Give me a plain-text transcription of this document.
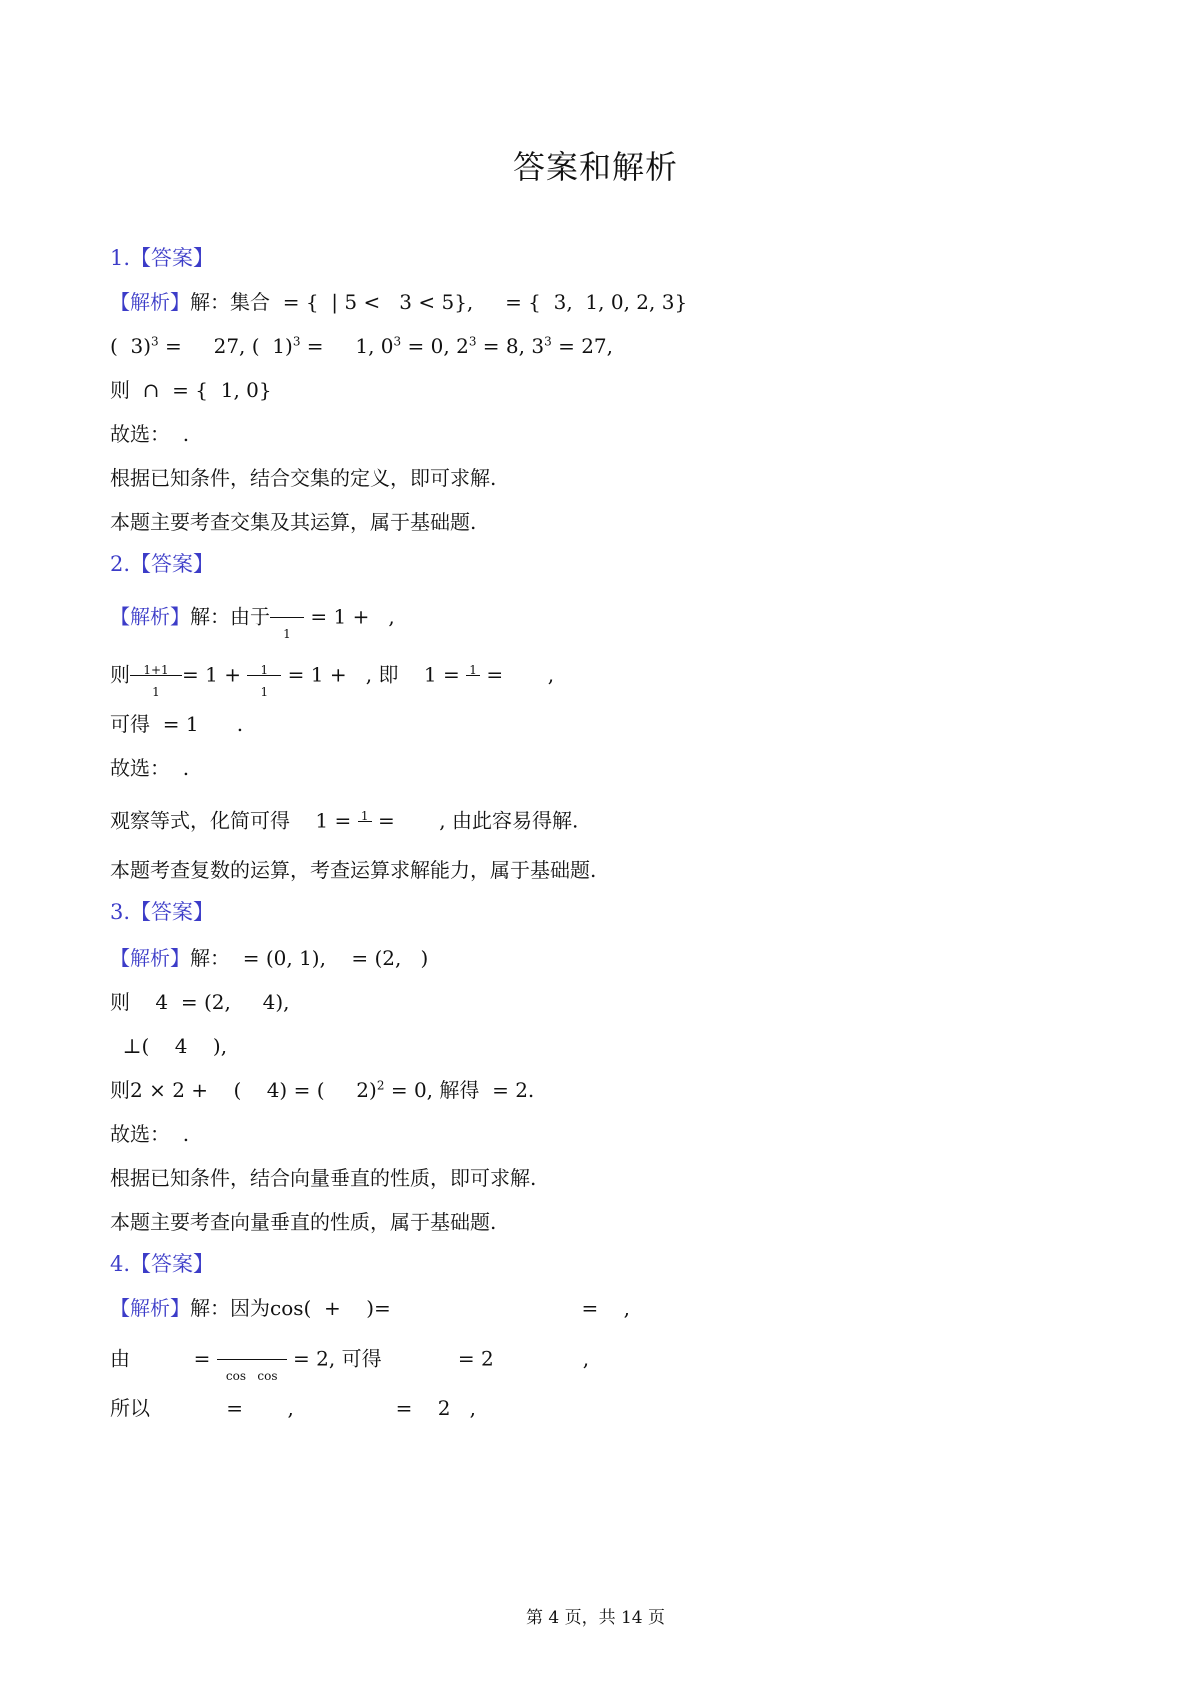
答案和解析
1.【答案】
【解析】解：集合  = {  | 5 <   3 < 5},     = {  3,  1, 0, 2, 3}
(  3)$^3$ =     27, (  1)$^3$ =     1, $0^3 = 0$, $2^3 = 8$, $3^3 = 27$,
则  ∩  = {  1, 0}
故选：  .
根据已知条件，结合交集的定义，即可求解.
本题主要考查交集及其运算，属于基础题.
2.【答案】
【解析】解：由于
1
= 1 +   ,
则 $\frac{1+1}{1} = 1 + \frac{1}{1} = 1$ +   , 即    1 = 1 =       ,
可得  = 1      .
故选：  .
观察等式，化简可得    1 = 1 =       , 由此容易得解.
本题考查复数的运算，考查运算求解能力，属于基础题.
3.【答案】
【解析】解：  = (0, 1),    = (2,   )
则    4  = (2,     4),
⊥(    4    ),
则2 × 2 +    (    4) = (     2)$^2$ = 0, 解得  = 2.
故选：  .
根据已知条件，结合向量垂直的性质，即可求解.
本题主要考查向量垂直的性质，属于基础题.
4.【答案】
【解析】解：因为cos(  +    )=                              =    ,
由          =
cos   cos
= 2, 可得            = 2              ,
所以            =       ,                =    2   ,
第 4 页，共 14 页
